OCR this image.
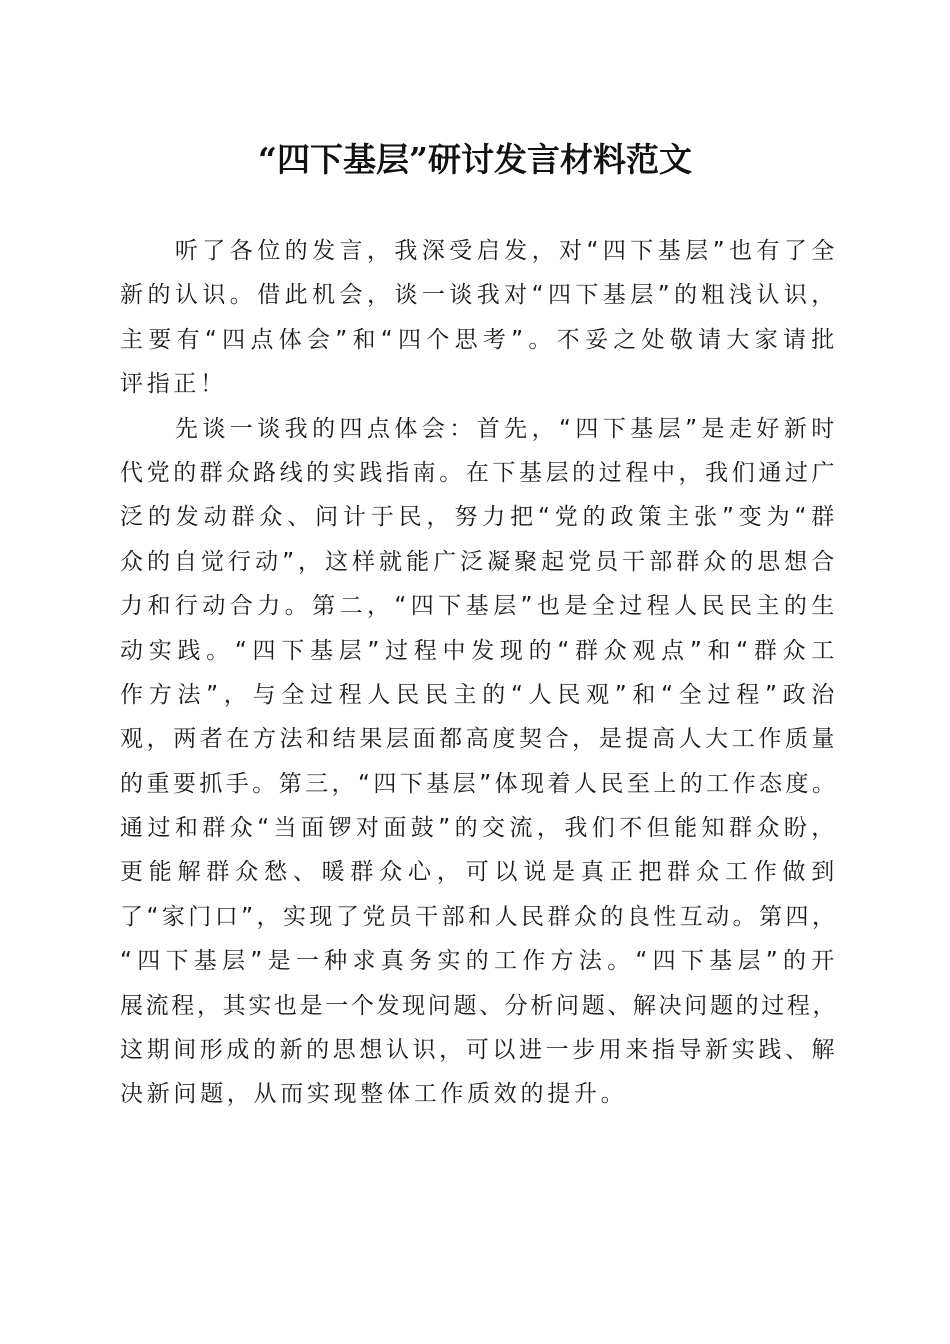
“四下基层”研讨发言材料范文

　　听了各位的发言，我深受启发，对“四下基层”也有了全
新的认识。借此机会，谈一谈我对“四下基层”的粗浅认识，
主要有“四点体会”和“四个思考”。不妥之处敬请大家请批
评指正！

　　先谈一谈我的四点体会：首先，“四下基层”是走好新时
代党的群众路线的实践指南。在下基层的过程中，我们通过广
泛的发动群众、问计于民，努力把“党的政策主张”变为“群
众的自觉行动”，这样就能广泛凝聚起党员干部群众的思想合
力和行动合力。第二，“四下基层”也是全过程人民民主的生
动实践。“四下基层”过程中发现的“群众观点”和“群众工
作方法”，与全过程人民民主的“人民观”和“全过程”政治
观，两者在方法和结果层面都高度契合，是提高人大工作质量
的重要抓手。第三，“四下基层”体现着人民至上的工作态度。
通过和群众“当面锣对面鼓”的交流，我们不但能知群众盼，
更能解群众愁、暖群众心，可以说是真正把群众工作做到
了“家门口”，实现了党员干部和人民群众的良性互动。第四，
“四下基层”是一种求真务实的工作方法。“四下基层”的开
展流程，其实也是一个发现问题、分析问题、解决问题的过程，
这期间形成的新的思想认识，可以进一步用来指导新实践、解
决新问题，从而实现整体工作质效的提升。
